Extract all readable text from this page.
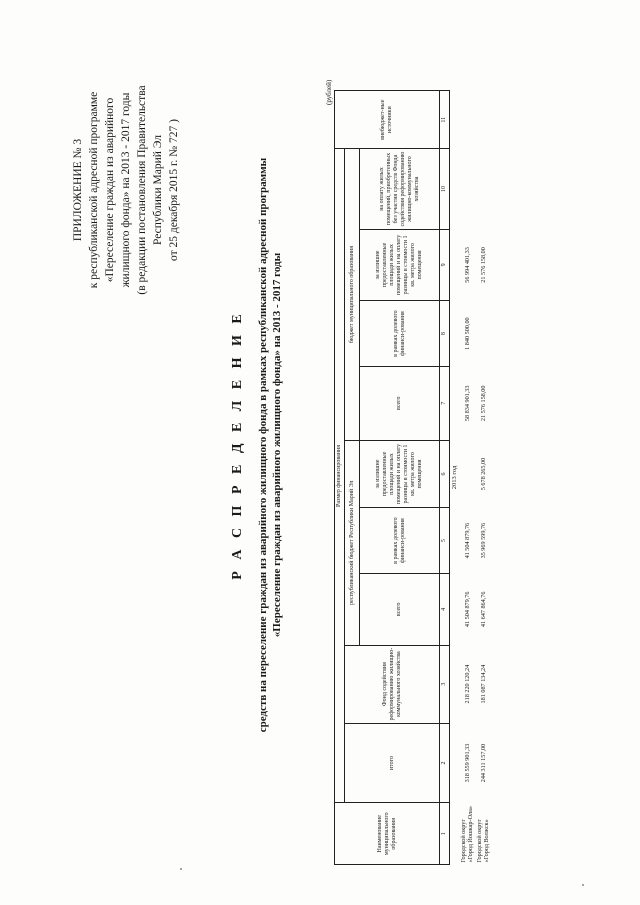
ПРИЛОЖЕНИЕ № 3 к республиканской адресной программе «Переселение граждан из аварийного жилищного фонда» на 2013 - 2017 годы (в редакции постановления Правительства Республики Марий Эл от 25 декабря 2015 г. № 727 )
Р А С П Р Е Д Е Л Е Н И Е средств на переселение граждан из аварийного жилищного фонда в рамках республиканской адресной программы «Переселение граждан из аварийного жилищного фонда» на 2013 - 2017 годы
(рублей)
Наименование муниципального образования	Размер финансирования									внебюджет-ные источники
	итого	Фонд содействия реформированию жилищно-коммунального хозяйства	республиканский бюджет Республики Марий Эл			бюджет муниципального образования				
			всего	в рамках долевого финанси-рования	за излишне предоставленные площади жилых помещений и на оплату разницы в стоимости 1 кв. метра жилого помещения	всего	в рамках долевого финанси-рования	за излишне предоставленные площади жилых помещений и на оплату разницы в стоимости 1 кв. метра жилого помещения	на оплату жилых помещений, приобретенных без участия средств Фонда содействия реформированию жилищно-коммунального хозяйства	
1	2	3	4	5	6	7	8	9	10	11
2013 год										
Городской округ «Город Йошкар-Ола»	318 559 901,33	218 220 120,24	41 504 879,76	41 504 879,76		58 834 901,33	1 840 500,00	56 994 401,33		
Городской округ «Город Волжск»	244 311 157,00	181 087 134,24	41 647 864,76	35 969 599,76	5 678 265,00	21 576 158,00		21 576 158,00		
